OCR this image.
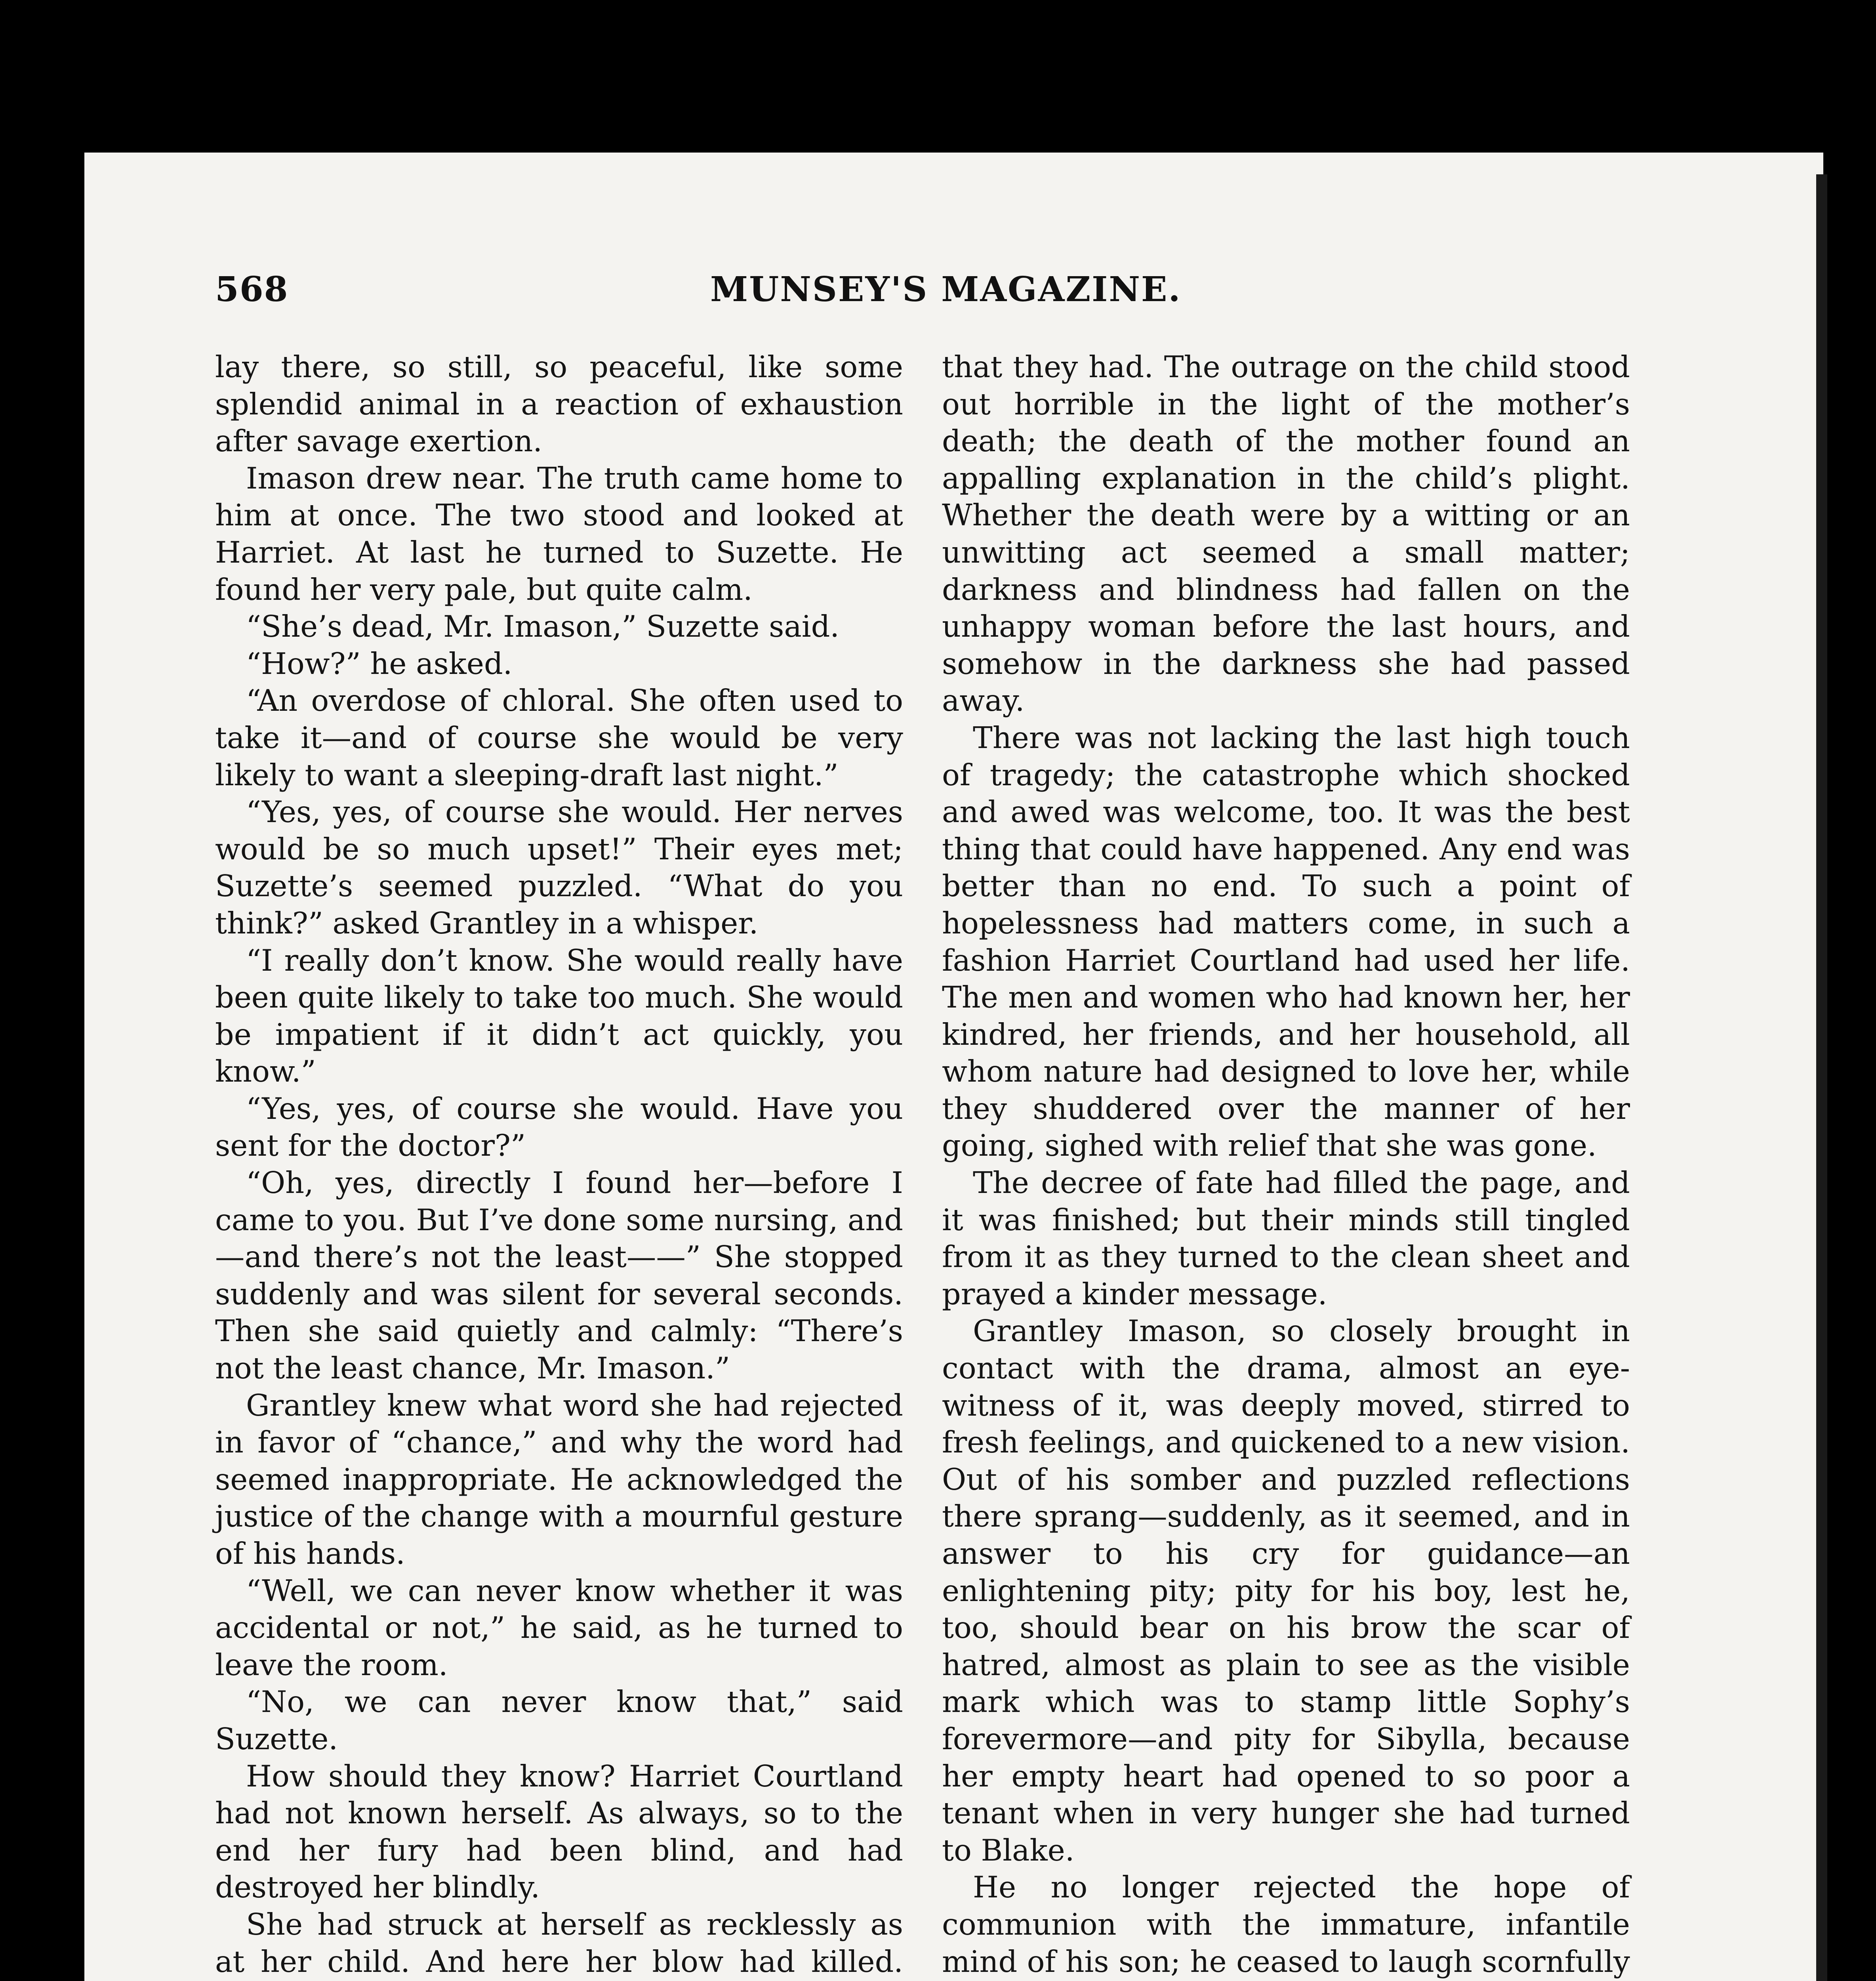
568	MUNSEY'S MAGAZINE.

lay there, so still, so peaceful, like some splendid animal in a reaction of exhaustion after savage exertion.

Imason drew near. The truth came home to him at once. The two stood and looked at Harriet. At last he turned to Suzette. He found her very pale, but quite calm.

“She’s dead, Mr. Imason,” Suzette said.

“How?” he asked.

“An overdose of chloral. She often used to take it—and of course she would be very likely to want a sleeping-draft last night.”

“Yes, yes, of course she would. Her nerves would be so much upset!” Their eyes met; Suzette’s seemed puzzled. “What do you think?” asked Grantley in a whisper.

“I really don’t know. She would really have been quite likely to take too much. She would be impatient if it didn’t act quickly, you know.”

“Yes, yes, of course she would. Have you sent for the doctor?”

“Oh, yes, directly I found her—before I came to you. But I’ve done some nursing, and—and there’s not the least——” She stopped suddenly and was silent for several seconds. Then she said quietly and calmly: “There’s not the least chance, Mr. Imason.”

Grantley knew what word she had rejected in favor of “chance,” and why the word had seemed inappropriate. He acknowledged the justice of the change with a mournful gesture of his hands.

“Well, we can never know whether it was accidental or not,” he said, as he turned to leave the room.

“No, we can never know that,” said Suzette.

How should they know? Harriet Courtland had not known herself. As always, so to the end her fury had been blind, and had destroyed her blindly.

She had struck at herself as recklessly as at her child. And here her blow had killed.

that they had. The outrage on the child stood out horrible in the light of the mother’s death; the death of the mother found an appalling explanation in the child’s plight. Whether the death were by a witting or an unwitting act seemed a small matter; darkness and blindness had fallen on the unhappy woman before the last hours, and somehow in the darkness she had passed away.

There was not lacking the last high touch of tragedy; the catastrophe which shocked and awed was welcome, too. It was the best thing that could have happened. Any end was better than no end. To such a point of hopelessness had matters come, in such a fashion Harriet Courtland had used her life. The men and women who had known her, her kindred, her friends, and her household, all whom nature had designed to love her, while they shuddered over the manner of her going, sighed with relief that she was gone.

The decree of fate had filled the page, and it was finished; but their minds still tingled from it as they turned to the clean sheet and prayed a kinder message.

Grantley Imason, so closely brought in contact with the drama, almost an eye-witness of it, was deeply moved, stirred to fresh feelings, and quickened to a new vision. Out of his somber and puzzled reflections there sprang—suddenly, as it seemed, and in answer to his cry for guidance—an enlightening pity; pity for his boy, lest he, too, should bear on his brow the scar of hatred, almost as plain to see as the visible mark which was to stamp little Sophy’s forevermore—and pity for Sibylla, because her empty heart had opened to so poor a tenant when in very hunger she had turned to Blake.

He no longer rejected the hope of communion with the immature, infantile mind of his son; he ceased to laugh scornfully
